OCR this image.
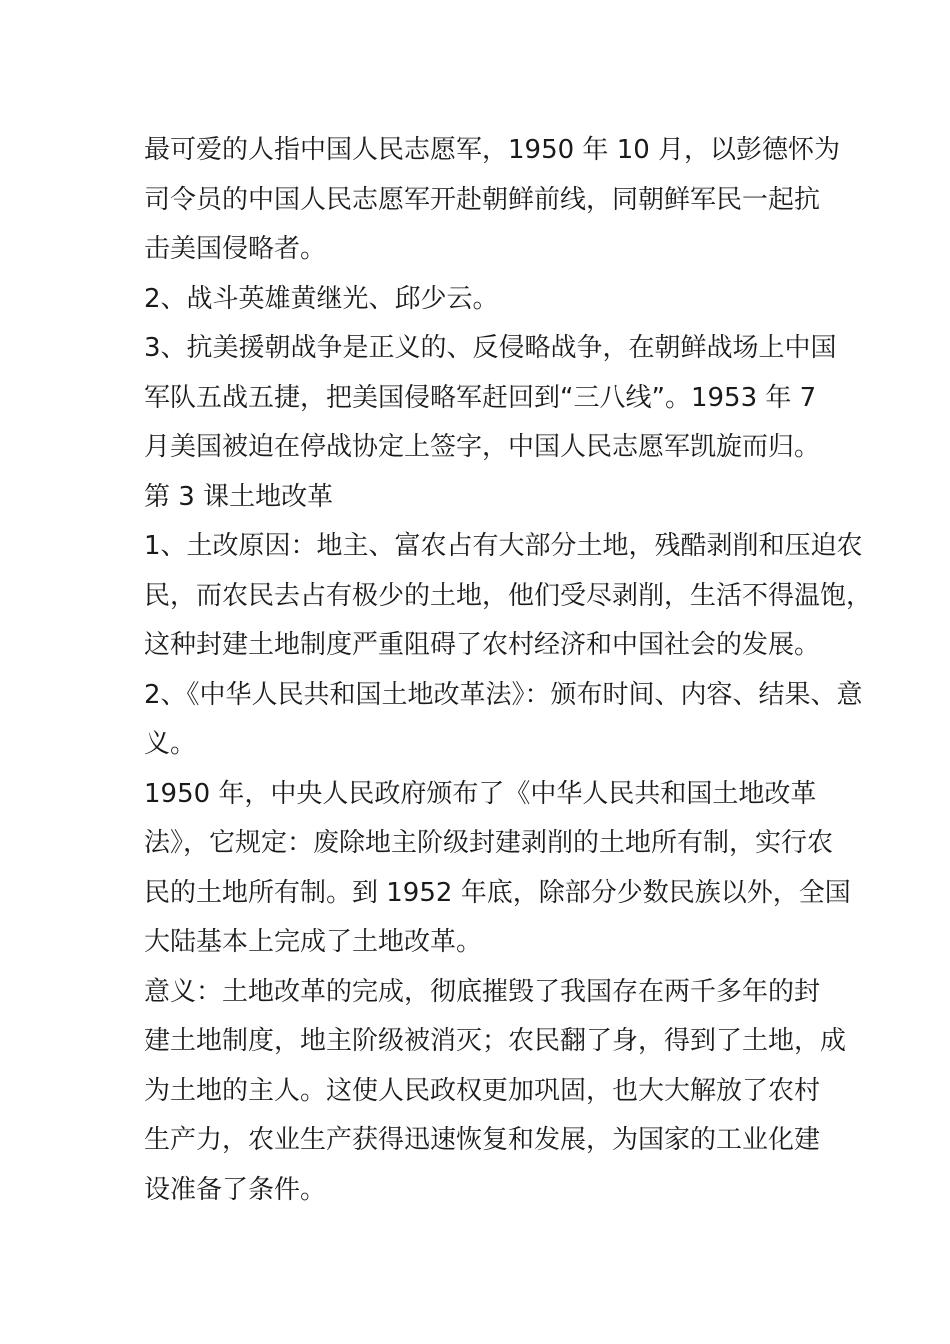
最可爱的人指中国人民志愿军，1950 年 10 月，以彭德怀为
司令员的中国人民志愿军开赴朝鲜前线，同朝鲜军民一起抗
击美国侵略者。
2、战斗英雄黄继光、邱少云。
3、抗美援朝战争是正义的、反侵略战争，在朝鲜战场上中国
军队五战五捷，把美国侵略军赶回到“三八线”。1953 年 7
月美国被迫在停战协定上签字，中国人民志愿军凯旋而归。
第 3 课土地改革
1、土改原因：地主、富农占有大部分土地，残酷剥削和压迫农
民，而农民去占有极少的土地，他们受尽剥削，生活不得温饱，
这种封建土地制度严重阻碍了农村经济和中国社会的发展。
2、《中华人民共和国土地改革法》：颁布时间、内容、结果、意
义。
1950 年，中央人民政府颁布了《中华人民共和国土地改革
法》，它规定：废除地主阶级封建剥削的土地所有制，实行农
民的土地所有制。到 1952 年底，除部分少数民族以外，全国
大陆基本上完成了土地改革。
意义：土地改革的完成，彻底摧毁了我国存在两千多年的封
建土地制度，地主阶级被消灭；农民翻了身，得到了土地，成
为土地的主人。这使人民政权更加巩固，也大大解放了农村
生产力，农业生产获得迅速恢复和发展，为国家的工业化建
设准备了条件。
